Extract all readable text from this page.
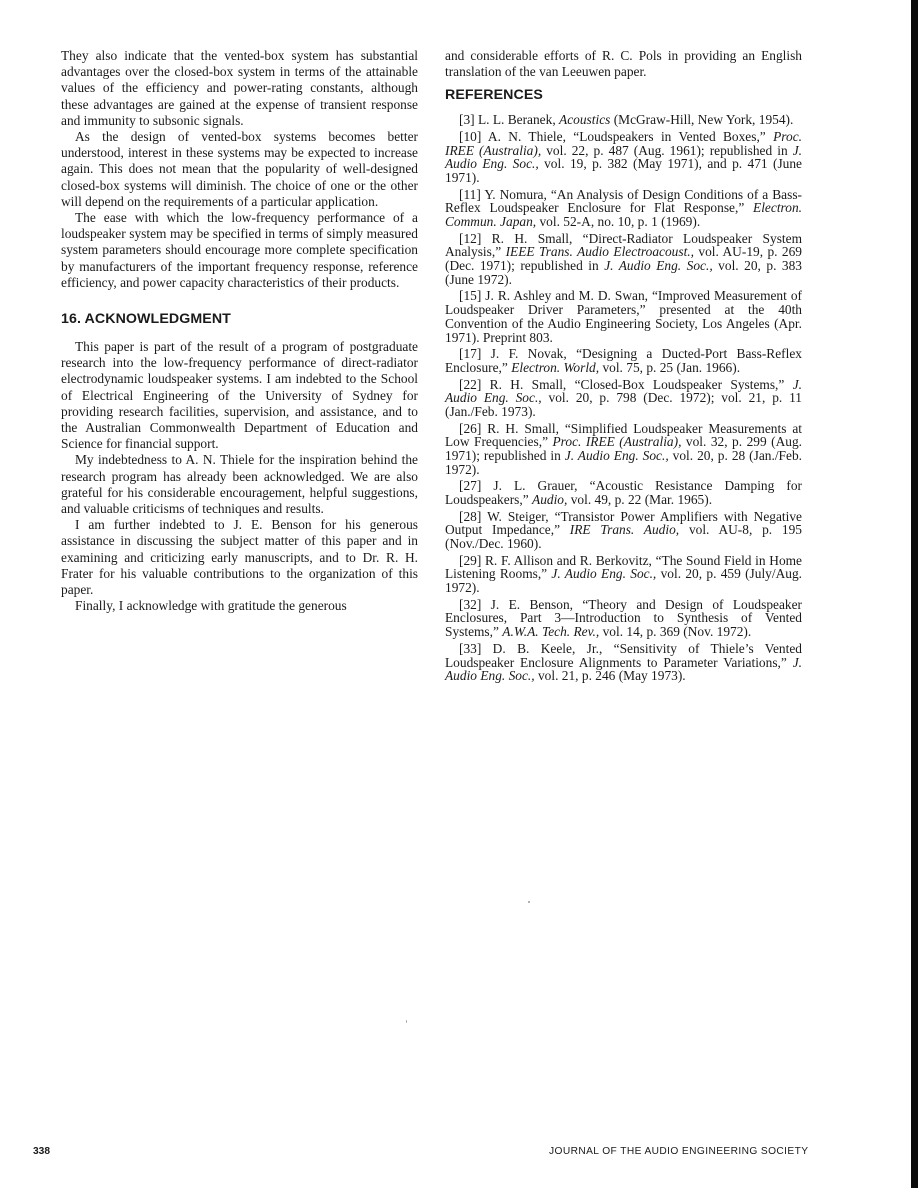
They also indicate that the vented-box system has substantial advantages over the closed-box system in terms of the attainable values of the efficiency and power-rating constants, although these advantages are gained at the expense of transient response and immunity to subsonic signals.

As the design of vented-box systems becomes better understood, interest in these systems may be expected to increase again. This does not mean that the popularity of well-designed closed-box systems will diminish. The choice of one or the other will depend on the requirements of a particular application.

The ease with which the low-frequency performance of a loudspeaker system may be specified in terms of simply measured system parameters should encourage more complete specification by manufacturers of the important frequency response, reference efficiency, and power capacity characteristics of their products.

16. ACKNOWLEDGMENT

This paper is part of the result of a program of postgraduate research into the low-frequency performance of direct-radiator electrodynamic loudspeaker systems. I am indebted to the School of Electrical Engineering of the University of Sydney for providing research facilities, supervision, and assistance, and to the Australian Commonwealth Department of Education and Science for financial support.

My indebtedness to A. N. Thiele for the inspiration behind the research program has already been acknowledged. We are also grateful for his considerable encouragement, helpful suggestions, and valuable criticisms of techniques and results.

I am further indebted to J. E. Benson for his generous assistance in discussing the subject matter of this paper and in examining and criticizing early manuscripts, and to Dr. R. H. Frater for his valuable contributions to the organization of this paper.

Finally, I acknowledge with gratitude the generous

and considerable efforts of R. C. Pols in providing an English translation of the van Leeuwen paper.

REFERENCES

[3] L. L. Beranek, Acoustics (McGraw-Hill, New York, 1954).

[10] A. N. Thiele, “Loudspeakers in Vented Boxes,” Proc. IREE (Australia), vol. 22, p. 487 (Aug. 1961); republished in J. Audio Eng. Soc., vol. 19, p. 382 (May 1971), and p. 471 (June 1971).

[11] Y. Nomura, “An Analysis of Design Conditions of a Bass-Reflex Loudspeaker Enclosure for Flat Response,” Electron. Commun. Japan, vol. 52-A, no. 10, p. 1 (1969).

[12] R. H. Small, “Direct-Radiator Loudspeaker System Analysis,” IEEE Trans. Audio Electroacoust., vol. AU-19, p. 269 (Dec. 1971); republished in J. Audio Eng. Soc., vol. 20, p. 383 (June 1972).

[15] J. R. Ashley and M. D. Swan, “Improved Measurement of Loudspeaker Driver Parameters,” presented at the 40th Convention of the Audio Engineering Society, Los Angeles (Apr. 1971). Preprint 803.

[17] J. F. Novak, “Designing a Ducted-Port Bass-Reflex Enclosure,” Electron. World, vol. 75, p. 25 (Jan. 1966).

[22] R. H. Small, “Closed-Box Loudspeaker Systems,” J. Audio Eng. Soc., vol. 20, p. 798 (Dec. 1972); vol. 21, p. 11 (Jan./Feb. 1973).

[26] R. H. Small, “Simplified Loudspeaker Measurements at Low Frequencies,” Proc. IREE (Australia), vol. 32, p. 299 (Aug. 1971); republished in J. Audio Eng. Soc., vol. 20, p. 28 (Jan./Feb. 1972).

[27] J. L. Grauer, “Acoustic Resistance Damping for Loudspeakers,” Audio, vol. 49, p. 22 (Mar. 1965).

[28] W. Steiger, “Transistor Power Amplifiers with Negative Output Impedance,” IRE Trans. Audio, vol. AU-8, p. 195 (Nov./Dec. 1960).

[29] R. F. Allison and R. Berkovitz, “The Sound Field in Home Listening Rooms,” J. Audio Eng. Soc., vol. 20, p. 459 (July/Aug. 1972).

[32] J. E. Benson, “Theory and Design of Loudspeaker Enclosures, Part 3—Introduction to Synthesis of Vented Systems,” A.W.A. Tech. Rev., vol. 14, p. 369 (Nov. 1972).

[33] D. B. Keele, Jr., “Sensitivity of Thiele’s Vented Loudspeaker Enclosure Alignments to Parameter Variations,” J. Audio Eng. Soc., vol. 21, p. 246 (May 1973).

338	JOURNAL OF THE AUDIO ENGINEERING SOCIETY
